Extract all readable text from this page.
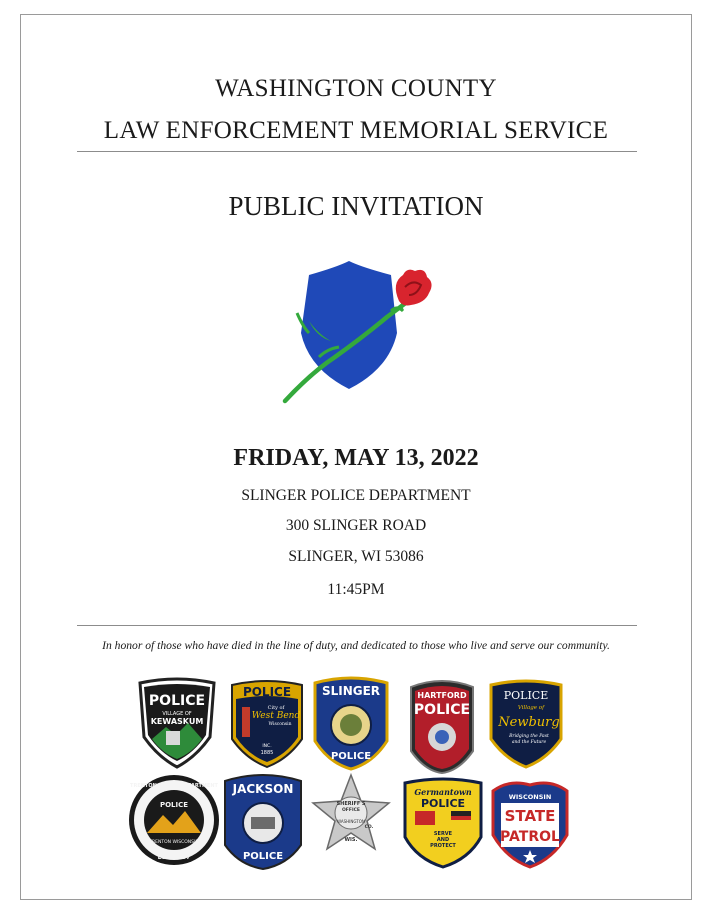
WASHINGTON COUNTY
LAW ENFORCEMENT MEMORIAL SERVICE
PUBLIC INVITATION
FRIDAY, MAY 13, 2022
SLINGER POLICE DEPARTMENT
300 SLINGER ROAD
SLINGER, WI 53086
11:45PM
In honor of those who have died in the line of duty, and dedicated to those who live and serve our community.
POLICE
VILLAGE OF
KEWASKUM
POLICE
City of
West Bend
Wisconsin
INC.
1885
SLINGER
POLICE
HARTFORD
POLICE
POLICE
Village of
Newburg
Bridging the Past
and the Future
TRENTON POLICE DEPARTMENT
POLICE
TRENTON WISCONSIN
EST. 1997
JACKSON
POLICE
SHERIFF'S
OFFICE
WASHINGTON
CO.
WIS.
Germantown
POLICE
SERVE
AND
PROTECT
WISCONSIN
STATE
PATROL
